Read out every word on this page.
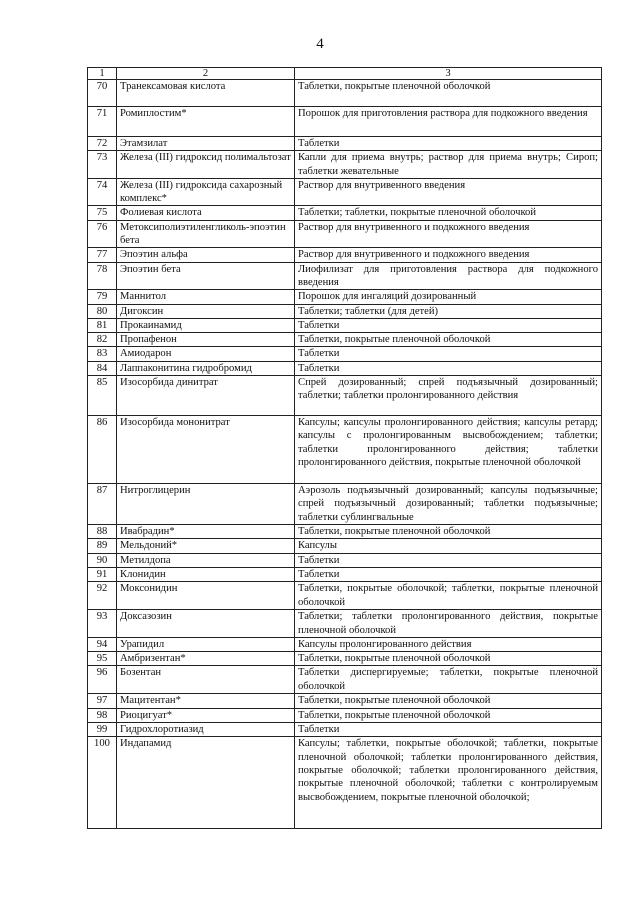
4
1	2	3
70	Транексамовая кислота	Таблетки, покрытые пленочной оболочкой
71	Ромиплостим*	Порошок для приготовления раствора для подкожного введения
72	Этамзилат	Таблетки
73	Железа (III) гидроксид полимальтозат	Капли для приема внутрь; раствор для приема внутрь; Сироп; таблетки жевательные
74	Железа (III) гидроксида сахарозный комплекс*	Раствор для внутривенного введения
75	Фолиевая кислота	Таблетки; таблетки, покрытые пленочной оболочкой
76	Метоксиполиэтиленгликоль-эпоэтин бета	Раствор для внутривенного и подкожного введения
77	Эпоэтин альфа	Раствор для внутривенного и подкожного введения
78	Эпоэтин бета	Лиофилизат для приготовления раствора для подкожного введения
79	Маннитол	Порошок для ингаляций дозированный
80	Дигоксин	Таблетки; таблетки (для детей)
81	Прокаинамид	Таблетки
82	Пропафенон	Таблетки, покрытые пленочной оболочкой
83	Амиодарон	Таблетки
84	Лаппаконитина гидробромид	Таблетки
85	Изосорбида динитрат	Спрей дозированный; спрей подъязычный дозированный; таблетки; таблетки пролонгированного действия
86	Изосорбида мононитрат	Капсулы; капсулы пролонгированного действия; капсулы ретард; капсулы с пролонгированным высвобождением; таблетки; таблетки пролонгированного действия; таблетки пролонгированного действия, покрытые пленочной оболочкой
87	Нитроглицерин	Аэрозоль подъязычный дозированный; капсулы подъязычные; спрей подъязычный дозированный; таблетки подъязычные; таблетки сублингвальные
88	Ивабрадин*	Таблетки, покрытые пленочной оболочкой
89	Мельдоний*	Капсулы
90	Метилдопа	Таблетки
91	Клонидин	Таблетки
92	Моксонидин	Таблетки, покрытые оболочкой; таблетки, покрытые пленочной оболочкой
93	Доксазозин	Таблетки; таблетки пролонгированного действия, покрытые пленочной оболочкой
94	Урапидил	Капсулы пролонгированного действия
95	Амбризентан*	Таблетки, покрытые пленочной оболочкой
96	Бозентан	Таблетки диспергируемые; таблетки, покрытые пленочной оболочкой
97	Мацитентан*	Таблетки, покрытые пленочной оболочкой
98	Риоцигуат*	Таблетки, покрытые пленочной оболочкой
99	Гидрохлоротиазид	Таблетки
100	Индапамид	Капсулы; таблетки, покрытые оболочкой; таблетки, покрытые пленочной оболочкой; таблетки пролонгированного действия, покрытые оболочкой; таблетки пролонгированного действия, покрытые пленочной оболочкой; таблетки с контролируемым высвобождением, покрытые пленочной оболочкой;
